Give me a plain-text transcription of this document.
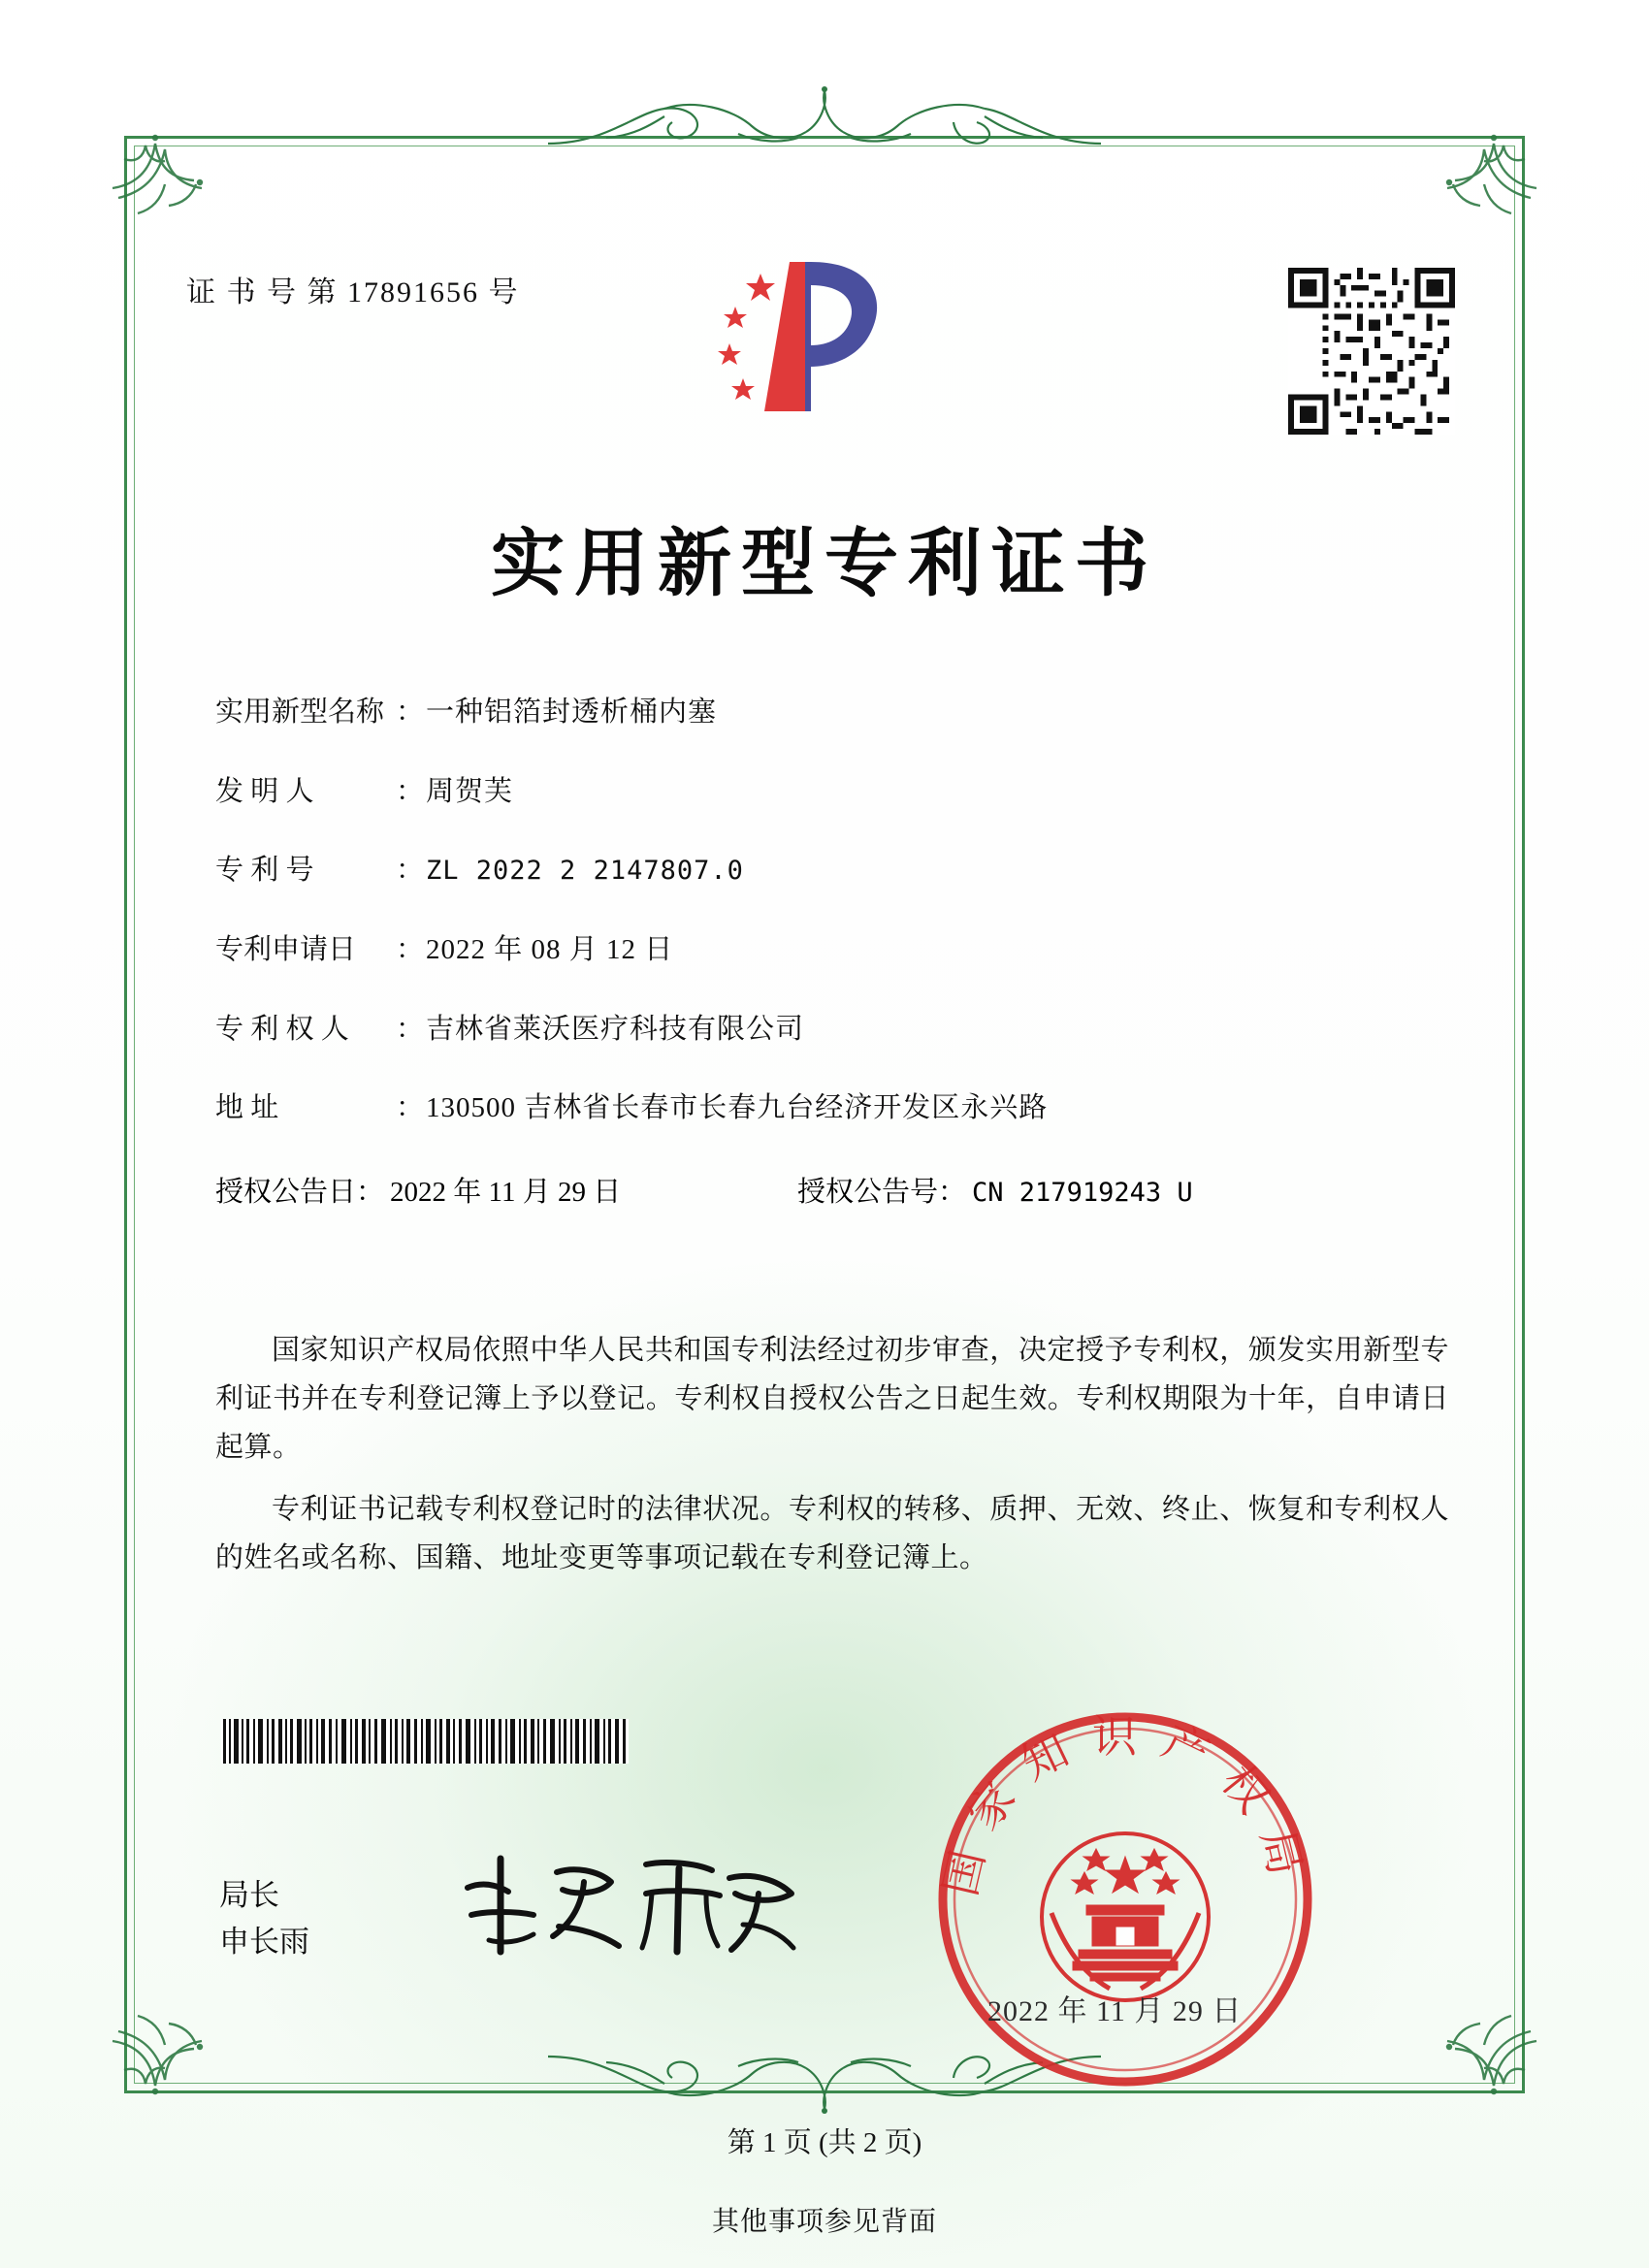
证 书 号 第 17891656 号
实用新型专利证书
实用新型名称 ： 一种铝箔封透析桶内塞
发 明 人	： 周贺芙
专 利 号	： ZL 2022 2 2147807.0
专利申请日	： 2022 年 08 月 12 日
专 利 权 人	： 吉林省莱沃医疗科技有限公司
地 址	： 130500 吉林省长春市长春九台经济开发区永兴路
授权公告日 ： 2022 年 11 月 29 日	授权公告号 ： CN 217919243 U

国家知识产权局依照中华人民共和国专利法经过初步审查，决定授予专利权，颁发实用新型专利证书并在专利登记簿上予以登记。专利权自授权公告之日起生效。专利权期限为十年，自申请日起算。

专利证书记载专利权登记时的法律状况。专利权的转移、质押、无效、终止、恢复和专利权人的姓名或名称、国籍、地址变更等事项记载在专利登记簿上。

局长
申长雨
国家知识产权局
2022 年 11 月 29 日
第 1 页 (共 2 页)
其他事项参见背面
